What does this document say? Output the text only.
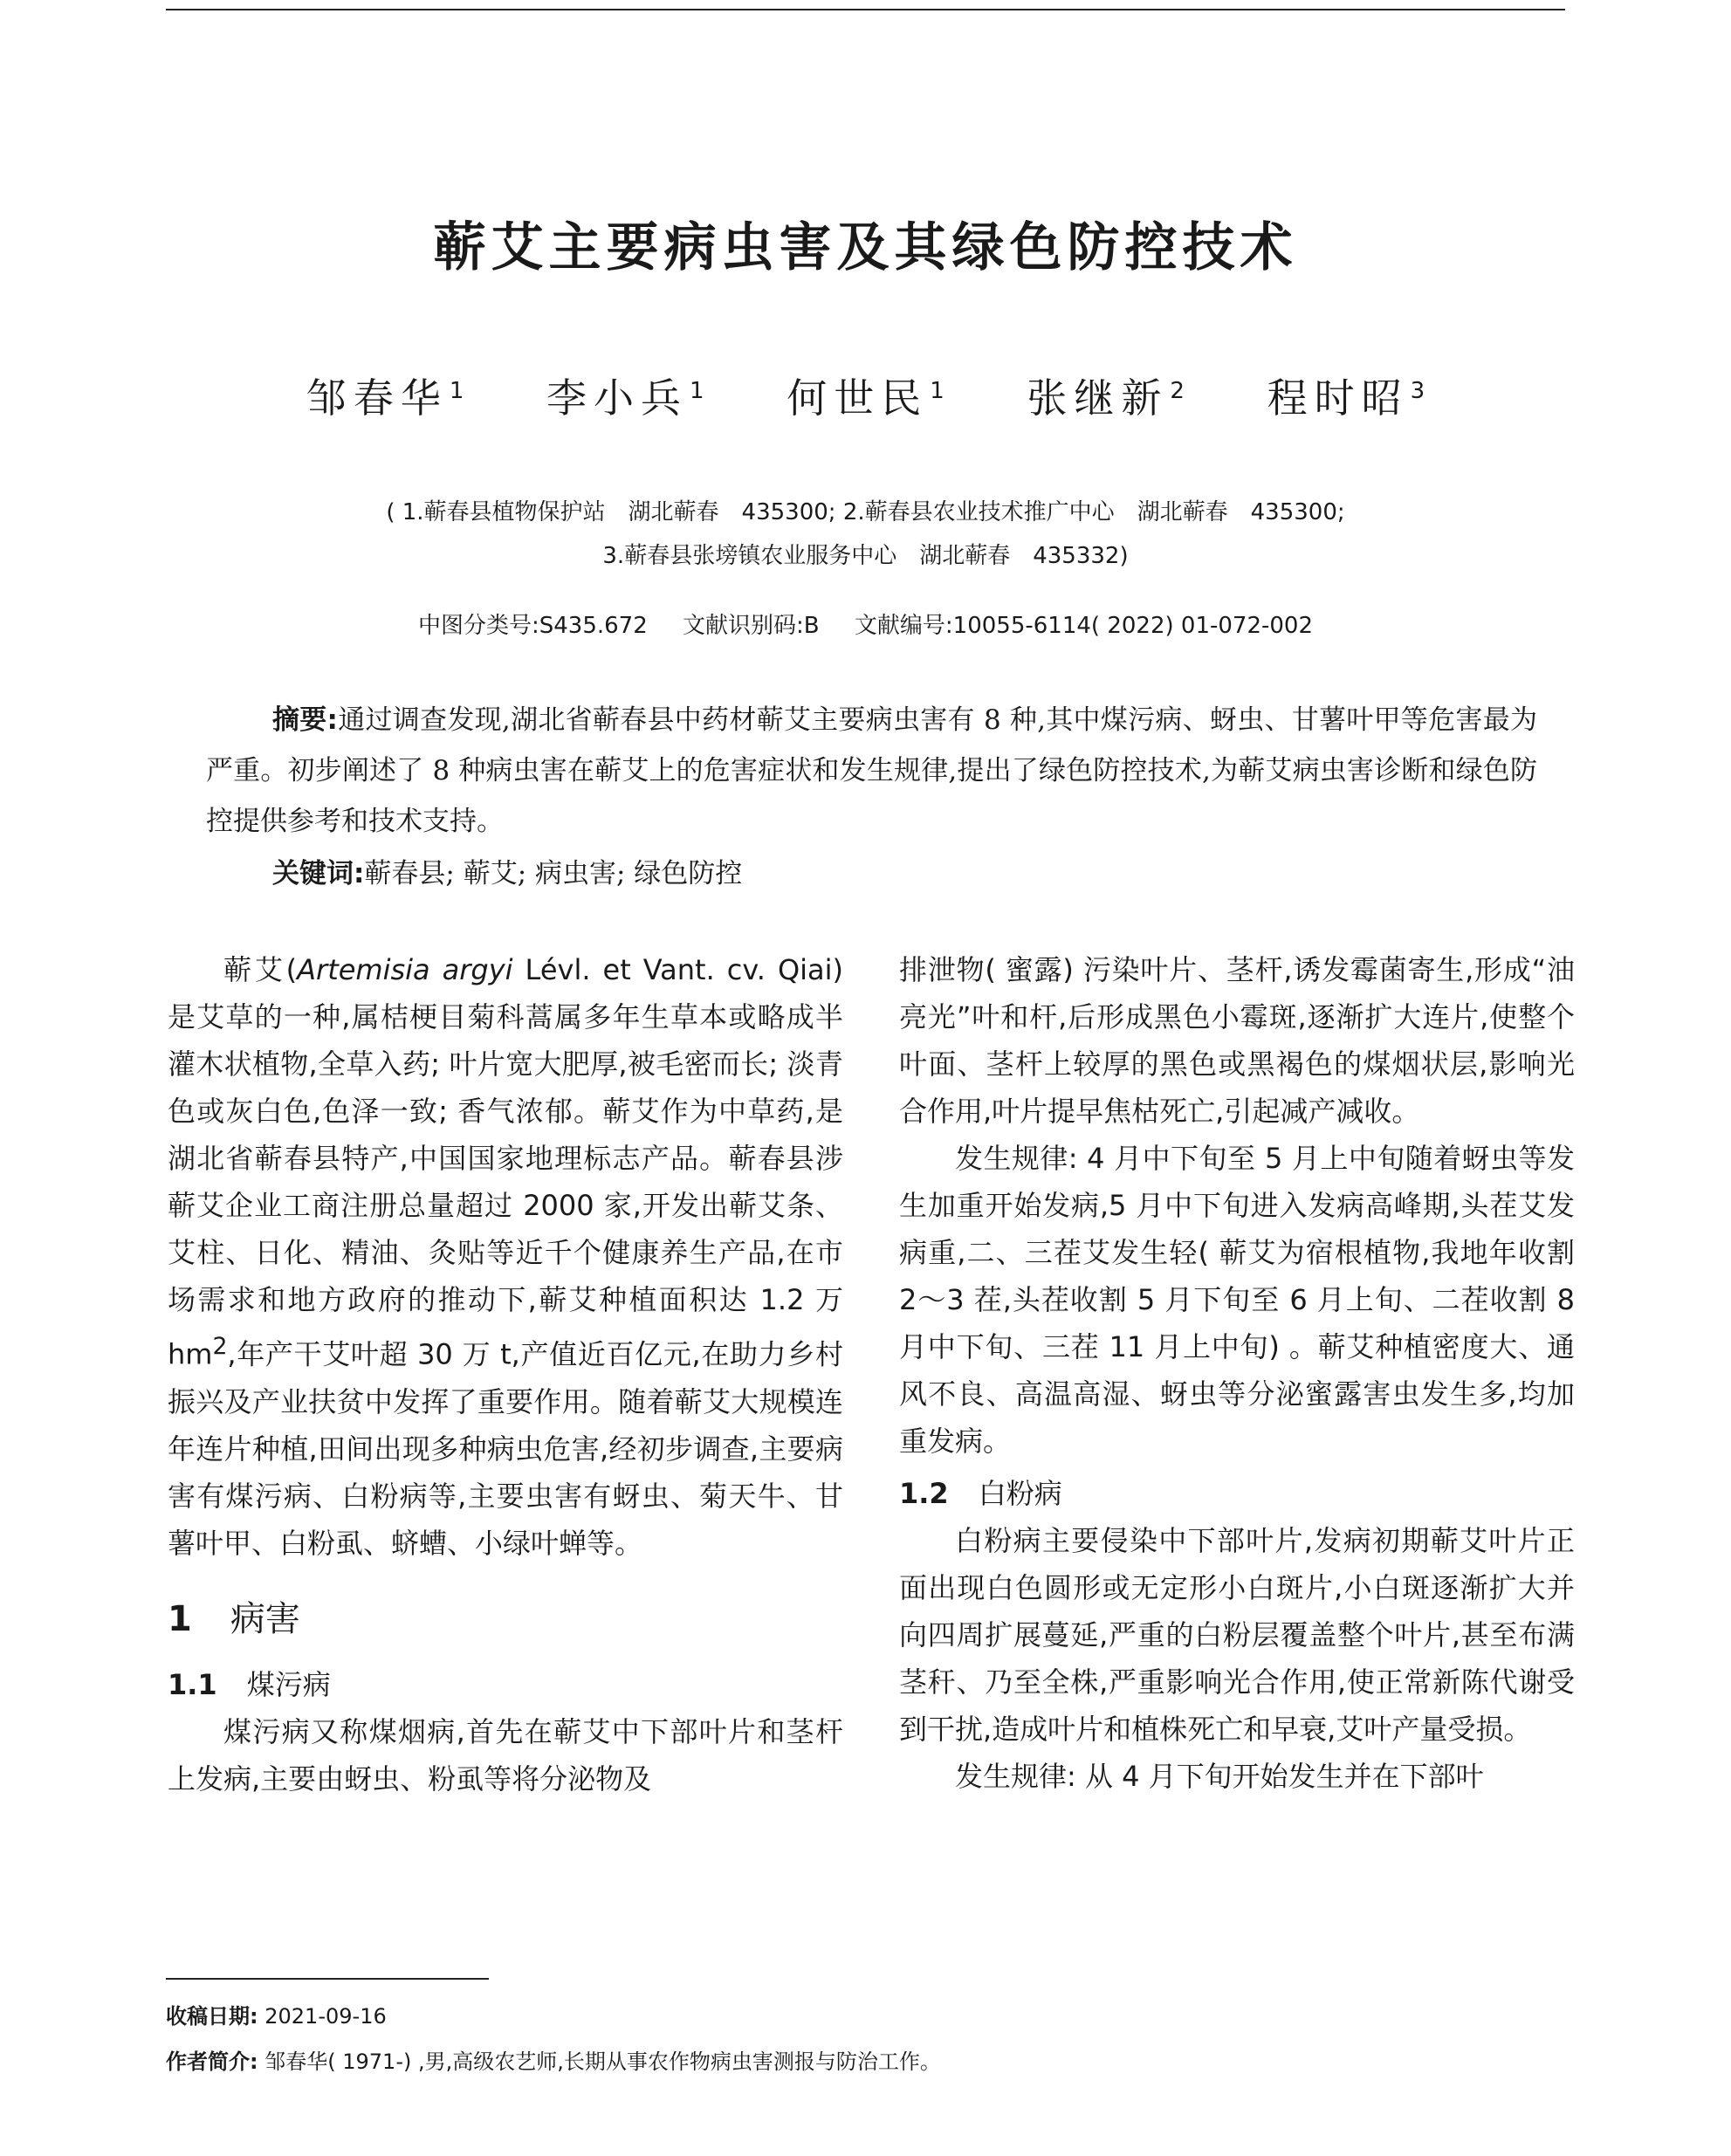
蕲艾主要病虫害及其绿色防控技术
邹春华$^1$ 李小兵$^1$ 何世民$^1$ 张继新$^2$ 程时昭$^3$
( 1.蕲春县植物保护站　湖北蕲春　435300; 2.蕲春县农业技术推广中心　湖北蕲春　435300;
3.蕲春县张塝镇农业服务中心　湖北蕲春　435332)
中图分类号:S435.672 文献识别码:B 文献编号:10055-6114( 2022) 01-072-002
摘要:通过调查发现,湖北省蕲春县中药材蕲艾主要病虫害有 8 种,其中煤污病、蚜虫、甘薯叶甲等危害最为严重。初步阐述了 8 种病虫害在蕲艾上的危害症状和发生规律,提出了绿色防控技术,为蕲艾病虫害诊断和绿色防控提供参考和技术支持。
关键词:蕲春县; 蕲艾; 病虫害; 绿色防控

蕲艾(Artemisia argyi Lévl. et Vant. cv. Qiai) 是艾草的一种,属桔梗目菊科蒿属多年生草本或略成半灌木状植物,全草入药; 叶片宽大肥厚,被毛密而长; 淡青色或灰白色,色泽一致; 香气浓郁。蕲艾作为中草药,是湖北省蕲春县特产,中国国家地理标志产品。蕲春县涉蕲艾企业工商注册总量超过 2000 家,开发出蕲艾条、艾柱、日化、精油、灸贴等近千个健康养生产品,在市场需求和地方政府的推动下,蕲艾种植面积达 1.2 万 $hm^2$,年产干艾叶超 30 万 t,产值近百亿元,在助力乡村振兴及产业扶贫中发挥了重要作用。随着蕲艾大规模连年连片种植,田间出现多种病虫危害,经初步调查,主要病害有煤污病、白粉病等,主要虫害有蚜虫、菊天牛、甘薯叶甲、白粉虱、蛴螬、小绿叶蝉等。

1 病害
1.1 煤污病

煤污病又称煤烟病,首先在蕲艾中下部叶片和茎杆上发病,主要由蚜虫、粉虱等将分泌物及

排泄物( 蜜露) 污染叶片、茎杆,诱发霉菌寄生,形成“油亮光”叶和杆,后形成黑色小霉斑,逐渐扩大连片,使整个叶面、茎杆上较厚的黑色或黑褐色的煤烟状层,影响光合作用,叶片提早焦枯死亡,引起减产减收。

发生规律: 4 月中下旬至 5 月上中旬随着蚜虫等发生加重开始发病,5 月中下旬进入发病高峰期,头茬艾发病重,二、三茬艾发生轻( 蕲艾为宿根植物,我地年收割 2～3 茬,头茬收割 5 月下旬至 6 月上旬、二茬收割 8 月中下旬、三茬 11 月上中旬) 。蕲艾种植密度大、通风不良、高温高湿、蚜虫等分泌蜜露害虫发生多,均加重发病。

1.2 白粉病

白粉病主要侵染中下部叶片,发病初期蕲艾叶片正面出现白色圆形或无定形小白斑片,小白斑逐渐扩大并向四周扩展蔓延,严重的白粉层覆盖整个叶片,甚至布满茎秆、乃至全株,严重影响光合作用,使正常新陈代谢受到干扰,造成叶片和植株死亡和早衰,艾叶产量受损。

发生规律: 从 4 月下旬开始发生并在下部叶

收稿日期: 2021-09-16
作者简介: 邹春华( 1971-) ,男,高级农艺师,长期从事农作物病虫害测报与防治工作。
